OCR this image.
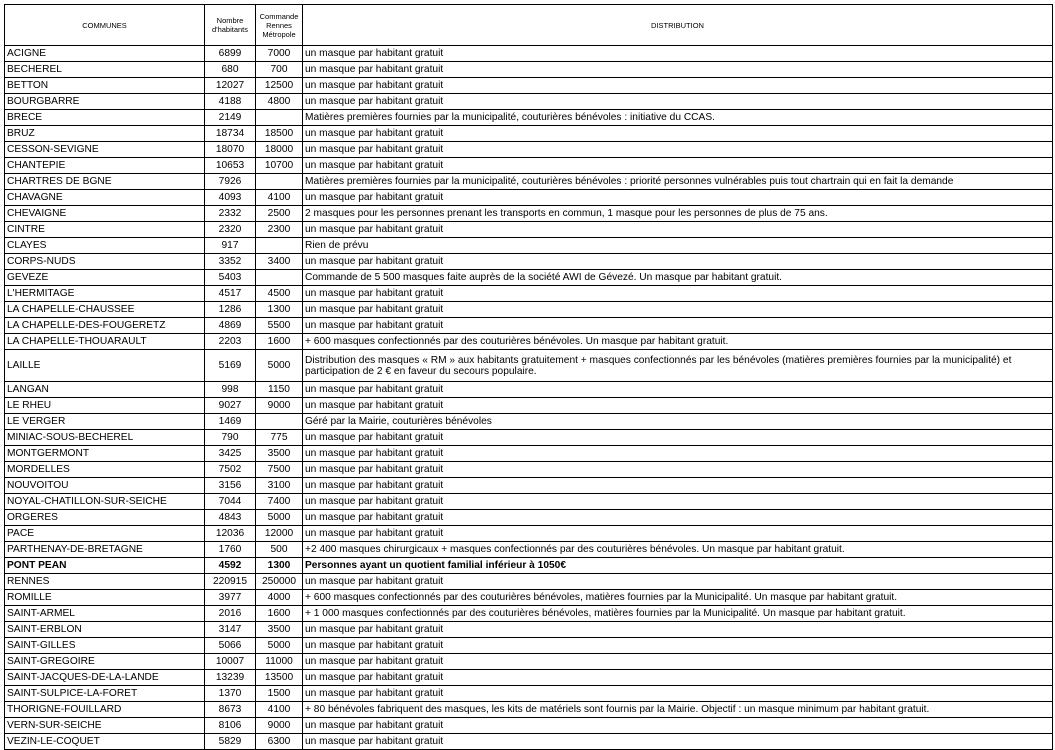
COMMUNES	Nombre d'habitants	Commande Rennes Métropole	DISTRIBUTION
ACIGNE	6899	7000	un masque par habitant gratuit
BECHEREL	680	700	un masque par habitant gratuit
BETTON	12027	12500	un masque par habitant gratuit
BOURGBARRE	4188	4800	un masque par habitant gratuit
BRECE	2149		Matières premières fournies par la municipalité, couturières bénévoles : initiative du CCAS.
BRUZ	18734	18500	un masque par habitant gratuit
CESSON-SEVIGNE	18070	18000	un masque par habitant gratuit
CHANTEPIE	10653	10700	un masque par habitant gratuit
CHARTRES DE BGNE	7926		Matières premières fournies par la municipalité, couturières bénévoles : priorité personnes vulnérables puis tout chartrain qui en fait la demande
CHAVAGNE	4093	4100	un masque par habitant gratuit
CHEVAIGNE	2332	2500	2 masques pour les personnes prenant les transports en commun, 1 masque pour les personnes de plus de 75 ans.
CINTRE	2320	2300	un masque par habitant gratuit
CLAYES	917		Rien de prévu
CORPS-NUDS	3352	3400	un masque par habitant gratuit
GEVEZE	5403		Commande de 5 500 masques faite auprès de la société AWI de Gévezé. Un masque par habitant gratuit.
L'HERMITAGE	4517	4500	un masque par habitant gratuit
LA CHAPELLE-CHAUSSEE	1286	1300	un masque par habitant gratuit
LA CHAPELLE-DES-FOUGERETZ	4869	5500	un masque par habitant gratuit
LA CHAPELLE-THOUARAULT	2203	1600	+ 600 masques confectionnés par des couturières bénévoles. Un masque par habitant gratuit.
LAILLE	5169	5000	Distribution des masques « RM » aux habitants gratuitement + masques confectionnés par les bénévoles (matières premières fournies par la municipalité) et participation de 2 € en faveur du secours populaire.
LANGAN	998	1150	un masque par habitant gratuit
LE RHEU	9027	9000	un masque par habitant gratuit
LE VERGER	1469		Géré par la Mairie, couturières bénévoles
MINIAC-SOUS-BECHEREL	790	775	un masque par habitant gratuit
MONTGERMONT	3425	3500	un masque par habitant gratuit
MORDELLES	7502	7500	un masque par habitant gratuit
NOUVOITOU	3156	3100	un masque par habitant gratuit
NOYAL-CHATILLON-SUR-SEICHE	7044	7400	un masque par habitant gratuit
ORGERES	4843	5000	un masque par habitant gratuit
PACE	12036	12000	un masque par habitant gratuit
PARTHENAY-DE-BRETAGNE	1760	500	+2 400 masques chirurgicaux + masques confectionnés par des couturières bénévoles. Un masque par habitant gratuit.
PONT PEAN	4592	1300	Personnes ayant un quotient familial inférieur à 1050€
RENNES	220915	250000	un masque par habitant gratuit
ROMILLE	3977	4000	+ 600 masques confectionnés par des couturières bénévoles, matières fournies par la Municipalité. Un masque par habitant gratuit.
SAINT-ARMEL	2016	1600	+ 1 000 masques confectionnés par des couturières bénévoles, matières fournies par la Municipalité. Un masque par habitant gratuit.
SAINT-ERBLON	3147	3500	un masque par habitant gratuit
SAINT-GILLES	5066	5000	un masque par habitant gratuit
SAINT-GREGOIRE	10007	11000	un masque par habitant gratuit
SAINT-JACQUES-DE-LA-LANDE	13239	13500	un masque par habitant gratuit
SAINT-SULPICE-LA-FORET	1370	1500	un masque par habitant gratuit
THORIGNE-FOUILLARD	8673	4100	+ 80 bénévoles fabriquent des masques, les kits de matériels sont fournis par la Mairie. Objectif : un masque minimum par habitant gratuit.
VERN-SUR-SEICHE	8106	9000	un masque par habitant gratuit
VEZIN-LE-COQUET	5829	6300	un masque par habitant gratuit
